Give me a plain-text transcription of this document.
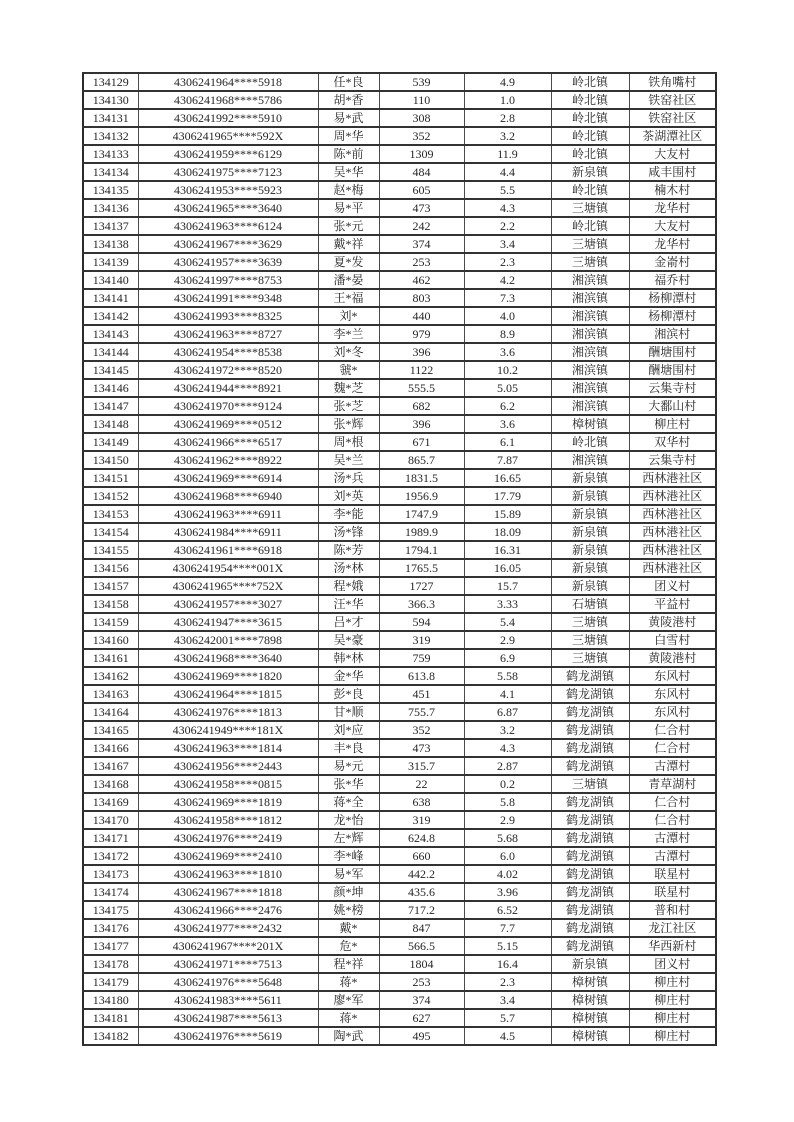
134129	4306241964****5918	任*良	539	4.9	岭北镇	铁角嘴村
134130	4306241968****5786	胡*香	110	1.0	岭北镇	铁窑社区
134131	4306241992****5910	易*武	308	2.8	岭北镇	铁窑社区
134132	4306241965****592X	周*华	352	3.2	岭北镇	茶湖潭社区
134133	4306241959****6129	陈*前	1309	11.9	岭北镇	大友村
134134	4306241975****7123	吴*华	484	4.4	新泉镇	咸丰围村
134135	4306241953****5923	赵*梅	605	5.5	岭北镇	楠木村
134136	4306241965****3640	易*平	473	4.3	三塘镇	龙华村
134137	4306241963****6124	张*元	242	2.2	岭北镇	大友村
134138	4306241967****3629	戴*祥	374	3.4	三塘镇	龙华村
134139	4306241957****3639	夏*发	253	2.3	三塘镇	金嵛村
134140	4306241997****8753	潘*晏	462	4.2	湘滨镇	福乔村
134141	4306241991****9348	王*福	803	7.3	湘滨镇	杨柳潭村
134142	4306241993****8325	刘*	440	4.0	湘滨镇	杨柳潭村
134143	4306241963****8727	李*兰	979	8.9	湘滨镇	湘滨村
134144	4306241954****8538	刘*冬	396	3.6	湘滨镇	酬塘围村
134145	4306241972****8520	虢*	1122	10.2	湘滨镇	酬塘围村
134146	4306241944****8921	魏*芝	555.5	5.05	湘滨镇	云集寺村
134147	4306241970****9124	张*芝	682	6.2	湘滨镇	大鄱山村
134148	4306241969****0512	张*辉	396	3.6	樟树镇	柳庄村
134149	4306241966****6517	周*根	671	6.1	岭北镇	双华村
134150	4306241962****8922	吴*兰	865.7	7.87	湘滨镇	云集寺村
134151	4306241969****6914	汤*兵	1831.5	16.65	新泉镇	西林港社区
134152	4306241968****6940	刘*英	1956.9	17.79	新泉镇	西林港社区
134153	4306241963****6911	李*能	1747.9	15.89	新泉镇	西林港社区
134154	4306241984****6911	汤*锋	1989.9	18.09	新泉镇	西林港社区
134155	4306241961****6918	陈*芳	1794.1	16.31	新泉镇	西林港社区
134156	4306241954****001X	汤*林	1765.5	16.05	新泉镇	西林港社区
134157	4306241965****752X	程*娥	1727	15.7	新泉镇	团义村
134158	4306241957****3027	汪*华	366.3	3.33	石塘镇	平益村
134159	4306241947****3615	吕*才	594	5.4	三塘镇	黄陵港村
134160	4306242001****7898	吴*豪	319	2.9	三塘镇	白雪村
134161	4306241968****3640	韩*林	759	6.9	三塘镇	黄陵港村
134162	4306241969****1820	金*华	613.8	5.58	鹤龙湖镇	东风村
134163	4306241964****1815	彭*良	451	4.1	鹤龙湖镇	东风村
134164	4306241976****1813	甘*顺	755.7	6.87	鹤龙湖镇	东风村
134165	4306241949****181X	刘*应	352	3.2	鹤龙湖镇	仁合村
134166	4306241963****1814	丰*良	473	4.3	鹤龙湖镇	仁合村
134167	4306241956****2443	易*元	315.7	2.87	鹤龙湖镇	古潭村
134168	4306241958****0815	张*华	22	0.2	三塘镇	青草湖村
134169	4306241969****1819	蒋*全	638	5.8	鹤龙湖镇	仁合村
134170	4306241958****1812	龙*怡	319	2.9	鹤龙湖镇	仁合村
134171	4306241976****2419	左*辉	624.8	5.68	鹤龙湖镇	古潭村
134172	4306241969****2410	李*峰	660	6.0	鹤龙湖镇	古潭村
134173	4306241963****1810	易*军	442.2	4.02	鹤龙湖镇	联星村
134174	4306241967****1818	颜*坤	435.6	3.96	鹤龙湖镇	联星村
134175	4306241966****2476	姚*榜	717.2	6.52	鹤龙湖镇	普和村
134176	4306241977****2432	戴*	847	7.7	鹤龙湖镇	龙江社区
134177	4306241967****201X	危*	566.5	5.15	鹤龙湖镇	华西新村
134178	4306241971****7513	程*祥	1804	16.4	新泉镇	团义村
134179	4306241976****5648	蒋*	253	2.3	樟树镇	柳庄村
134180	4306241983****5611	廖*军	374	3.4	樟树镇	柳庄村
134181	4306241987****5613	蒋*	627	5.7	樟树镇	柳庄村
134182	4306241976****5619	陶*武	495	4.5	樟树镇	柳庄村
